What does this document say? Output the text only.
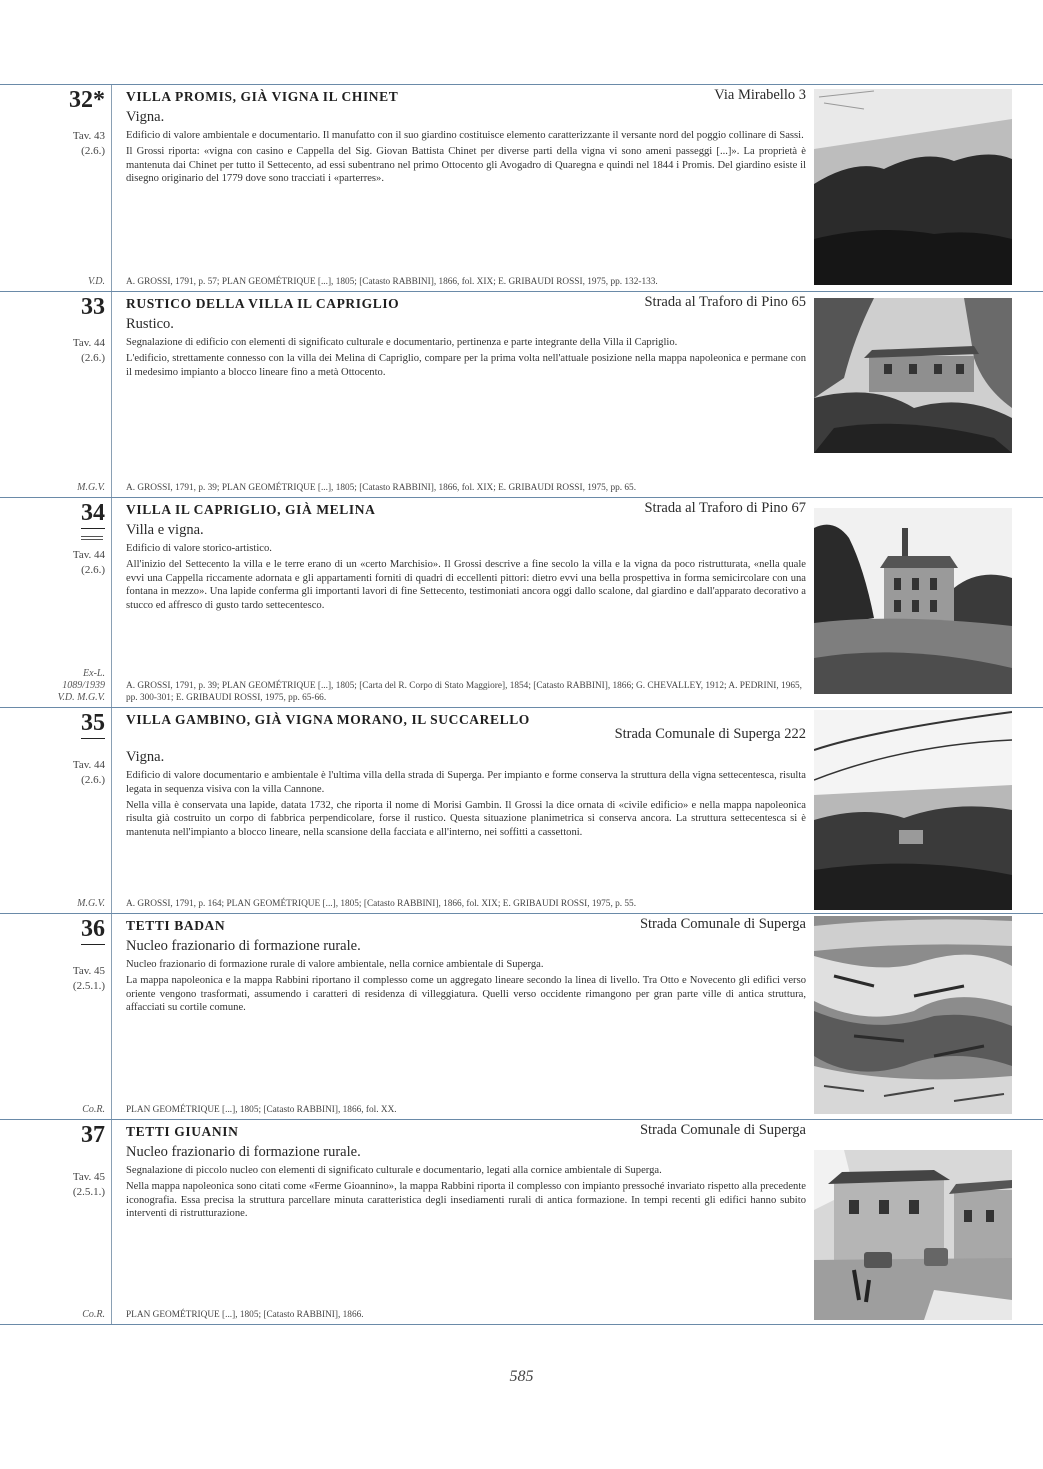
32*
Tav. 43
(2.6.)
V.D.
VILLA PROMIS, GIÀ VIGNA IL CHINET	Via Mirabello 3
Vigna.

Edificio di valore ambientale e documentario. Il manufatto con il suo giardino costituisce elemento caratterizzante il versante nord del poggio collinare di Sassi.

Il Grossi riporta: «vigna con casino e Cappella del Sig. Giovan Battista Chinet per diverse parti della vigna vi sono ameni passeggi [...]». La proprietà è mantenuta dai Chinet per tutto il Settecento, ad essi subentrano nel primo Ottocento gli Avogadro di Quaregna e quindi nel 1844 i Promis. Del giardino esiste il disegno originario del 1779 dove sono tracciati i «parterres».

A. GROSSI, 1791, p. 57; PLAN GEOMÉTRIQUE [...], 1805; [Catasto RABBINI], 1866, fol. XIX; E. GRIBAUDI ROSSI, 1975, pp. 132-133.
33
Tav. 44
(2.6.)
M.G.V.
RUSTICO DELLA VILLA IL CAPRIGLIO	Strada al Traforo di Pino 65
Rustico.

Segnalazione di edificio con elementi di significato culturale e documentario, pertinenza e parte integrante della Villa il Capriglio.

L'edificio, strettamente connesso con la villa dei Melina di Capriglio, compare per la prima volta nell'attuale posizione nella mappa napoleonica e permane con il medesimo impianto a blocco lineare fino a metà Ottocento.

A. GROSSI, 1791, p. 39; PLAN GEOMÉTRIQUE [...], 1805; [Catasto RABBINI], 1866, fol. XIX; E. GRIBAUDI ROSSI, 1975, pp. 65.
34
Tav. 44
(2.6.)
Ex-L. 1089/1939 V.D. M.G.V.
VILLA IL CAPRIGLIO, GIÀ MELINA	Strada al Traforo di Pino 67
Villa e vigna.

Edificio di valore storico-artistico.

All'inizio del Settecento la villa e le terre erano di un «certo Marchisio». Il Grossi descrive a fine secolo la villa e la vigna da poco ristrutturata, «nella quale evvi una Cappella riccamente adornata e gli appartamenti forniti di quadri di eccellenti pittori: dietro evvi una bella prospettiva in forma semicircolare con una fontana in mezzo». Una lapide conferma gli importanti lavori di fine Settecento, testimoniati ancora oggi dallo scalone, dal giardino e dall'apparato decorativo a stucco ed affresco di gusto tardo settecentesco.

A. GROSSI, 1791, p. 39; PLAN GEOMÉTRIQUE [...], 1805; [Carta del R. Corpo di Stato Maggiore], 1854; [Catasto RABBINI], 1866; G. CHEVALLEY, 1912; A. PEDRINI, 1965, pp. 300-301; E. GRIBAUDI ROSSI, 1975, pp. 65-66.
35
Tav. 44
(2.6.)
M.G.V.
VILLA GAMBINO, GIÀ VIGNA MORANO, IL SUCCARELLO
Strada Comunale di Superga 222
Vigna.

Edificio di valore documentario e ambientale è l'ultima villa della strada di Superga. Per impianto e forme conserva la struttura della vigna settecentesca, risulta legata in sequenza visiva con la villa Cannone.

Nella villa è conservata una lapide, datata 1732, che riporta il nome di Morisi Gambin. Il Grossi la dice ornata di «civile edificio» e nella mappa napoleonica risulta già costruito un corpo di fabbrica perpendicolare, forse il rustico. Questa situazione planimetrica si conserva ancora. La struttura settecentesca si è mantenuta nell'impianto a blocco lineare, nella scansione della facciata e all'interno, nei soffitti a cassettoni.

A. GROSSI, 1791, p. 164; PLAN GEOMÉTRIQUE [...], 1805; [Catasto RABBINI], 1866, fol. XIX; E. GRIBAUDI ROSSI, 1975, p. 55.
36
Tav. 45
(2.5.1.)
Co.R.
TETTI BADAN	Strada Comunale di Superga
Nucleo frazionario di formazione rurale.

Nucleo frazionario di formazione rurale di valore ambientale, nella cornice ambientale di Superga.

La mappa napoleonica e la mappa Rabbini riportano il complesso come un aggregato lineare secondo la linea di livello. Tra Otto e Novecento gli edifici verso oriente vengono trasformati, assumendo i caratteri di residenza di villeggiatura. Quelli verso occidente rimangono per gran parte ville di antica struttura, affacciati su cortile comune.

PLAN GEOMÉTRIQUE [...], 1805; [Catasto RABBINI], 1866, fol. XX.
37
Tav. 45
(2.5.1.)
Co.R.
TETTI GIUANIN	Strada Comunale di Superga
Nucleo frazionario di formazione rurale.

Segnalazione di piccolo nucleo con elementi di significato culturale e documentario, legati alla cornice ambientale di Superga.

Nella mappa napoleonica sono citati come «Ferme Gioannino», la mappa Rabbini riporta il complesso con impianto pressoché invariato rispetto alla precedente iconografia. Essa precisa la struttura parcellare minuta caratteristica degli insediamenti rurali di antica formazione. In tempi recenti gli edifici hanno subito interventi di ristrutturazione.

PLAN GEOMÉTRIQUE [...], 1805; [Catasto RABBINI], 1866.
585
